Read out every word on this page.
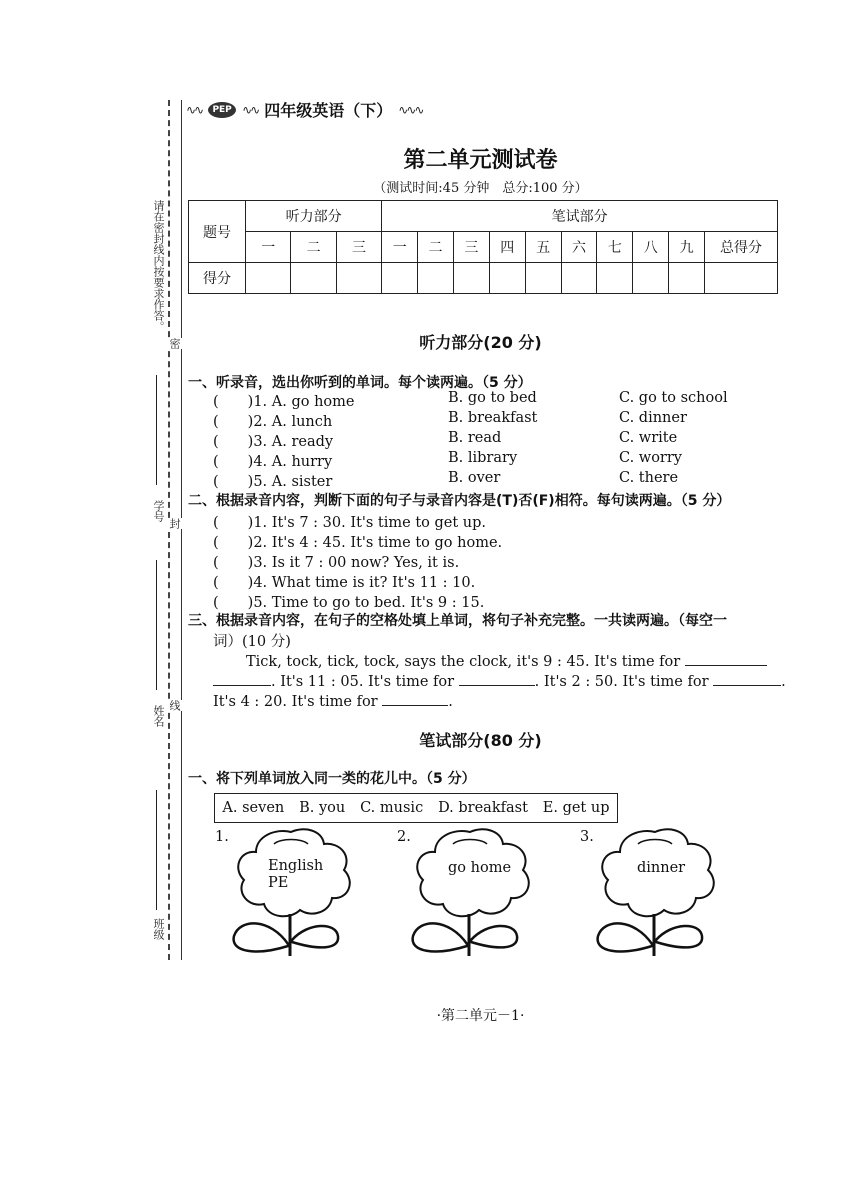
请在密封线内按要求作答。
密
学号
封
姓名 线
班级
∿∿	PEP ∿∿ 四年级英语（下） ∿∿∿
第二单元测试卷
（测试时间:45 分钟　总分:100 分）
题号	听力部分			笔试部分									
	一	二	三	一	二	三	四	五	六	七	八	九	总得分
得分													
听力部分(20 分)
一、听录音，选出你听到的单词。每个读两遍。（5 分）
(　　)1. A. go home	B. go to bed	C. go to school
(　　)2. A. lunch	B. breakfast	C. dinner
(　　)3. A. ready	B. read	C. write
(　　)4. A. hurry	B. library	C. worry
(　　)5. A. sister	B. over	C. there
二、根据录音内容，判断下面的句子与录音内容是(T)否(F)相符。每句读两遍。（5 分）
(　　)1. It's 7 : 30. It's time to get up.
(　　)2. It's 4 : 45. It's time to go home.
(　　)3. Is it 7 : 00 now? Yes, it is.
(　　)4. What time is it? It's 11 : 10.
(　　)5. Time to go to bed. It's 9 : 15.
三、根据录音内容，在句子的空格处填上单词，将句子补充完整。一共读两遍。（每空一
词）(10 分)
Tick, tock, tick, tock, says the clock, it's 9 : 45. It's time for
. It's 11 : 05. It's time for	. It's 2 : 50. It's time for	.
It's 4 : 20. It's time for	.
笔试部分(80 分)
一、将下列单词放入同一类的花儿中。（5 分）
A. seven B. you C. music D. breakfast E. get up
1.
English
PE
2.
go home
3.
dinner
·第二单元－1·
